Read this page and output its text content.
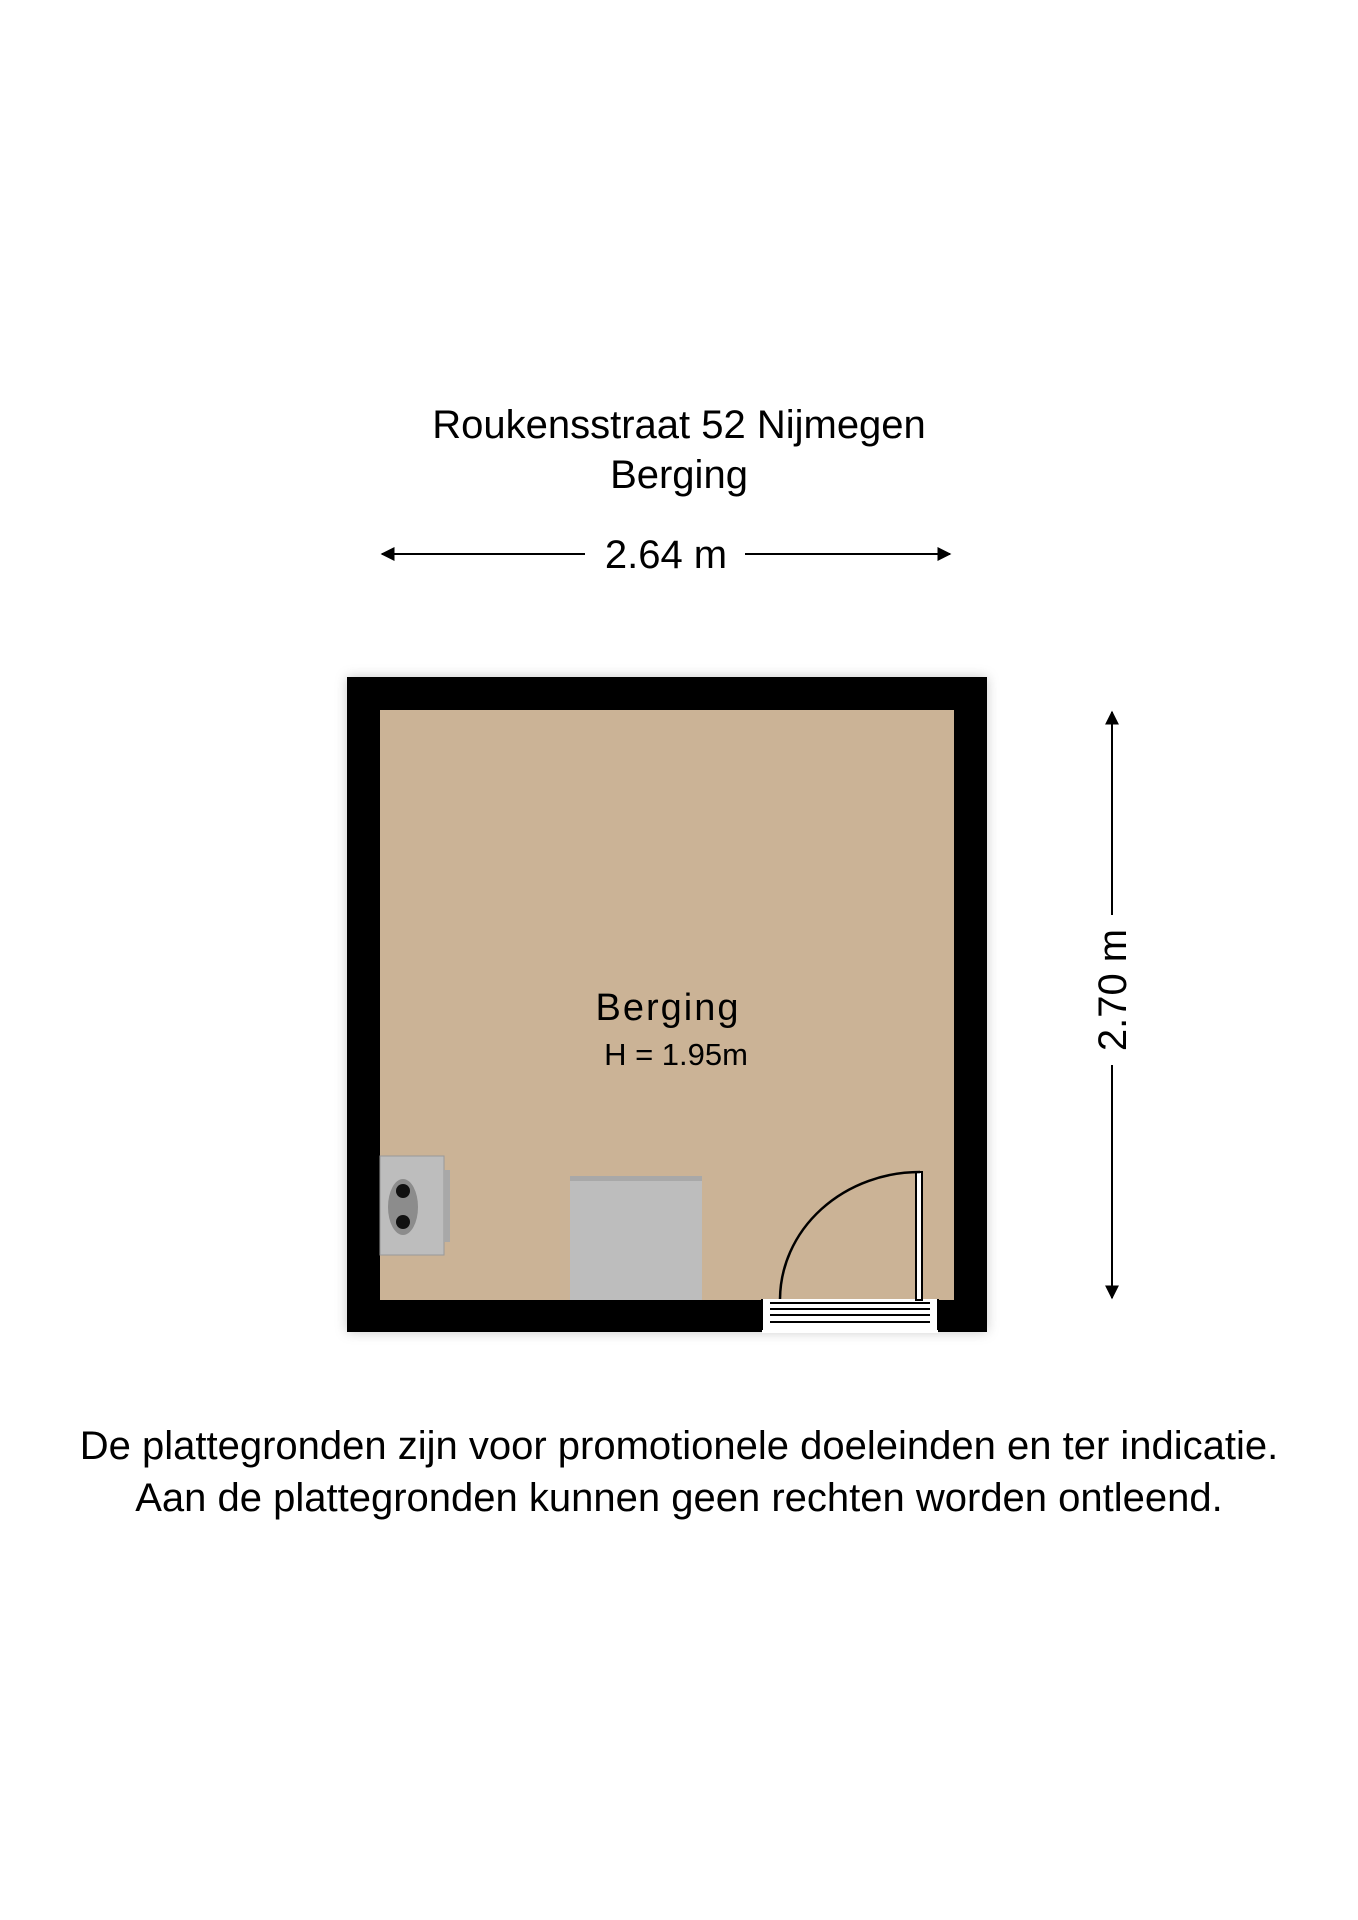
Roukensstraat 52 Nijmegen
Berging
2.64 m
2.70 m
Berging
H = 1.95m
De plattegronden zijn voor promotionele doeleinden en ter indicatie.
Aan de plattegronden kunnen geen rechten worden ontleend.
